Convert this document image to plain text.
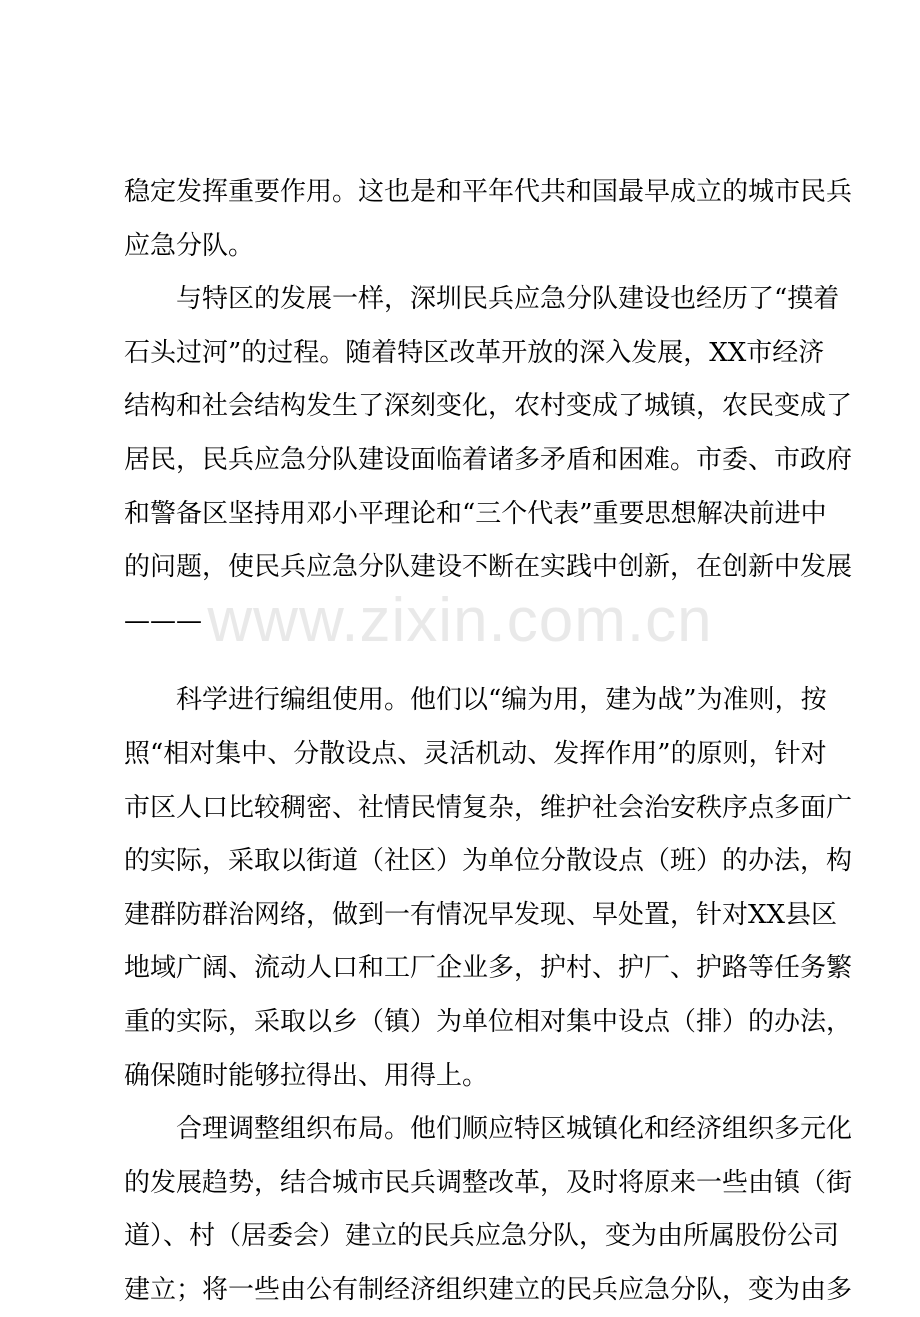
www.zixin.com.cn
稳定发挥重要作用。这也是和平年代共和国最早成立的城市民兵
应急分队。
与特区的发展一样，深圳民兵应急分队建设也经历了“摸着
石头过河”的过程。随着特区改革开放的深入发展，XX市经济
结构和社会结构发生了深刻变化，农村变成了城镇，农民变成了
居民，民兵应急分队建设面临着诸多矛盾和困难。市委、市政府
和警备区坚持用邓小平理论和“三个代表”重要思想解决前进中
的问题，使民兵应急分队建设不断在实践中创新，在创新中发展
———
科学进行编组使用。他们以“编为用，建为战”为准则，按
照“相对集中、分散设点、灵活机动、发挥作用”的原则，针对
市区人口比较稠密、社情民情复杂，维护社会治安秩序点多面广
的实际，采取以街道（社区）为单位分散设点（班）的办法，构
建群防群治网络，做到一有情况早发现、早处置，针对XX县区
地域广阔、流动人口和工厂企业多，护村、护厂、护路等任务繁
重的实际，采取以乡（镇）为单位相对集中设点（排）的办法，
确保随时能够拉得出、用得上。
合理调整组织布局。他们顺应特区城镇化和经济组织多元化
的发展趋势，结合城市民兵调整改革，及时将原来一些由镇（街
道）、村（居委会）建立的民兵应急分队，变为由所属股份公司
建立；将一些由公有制经济组织建立的民兵应急分队，变为由多
